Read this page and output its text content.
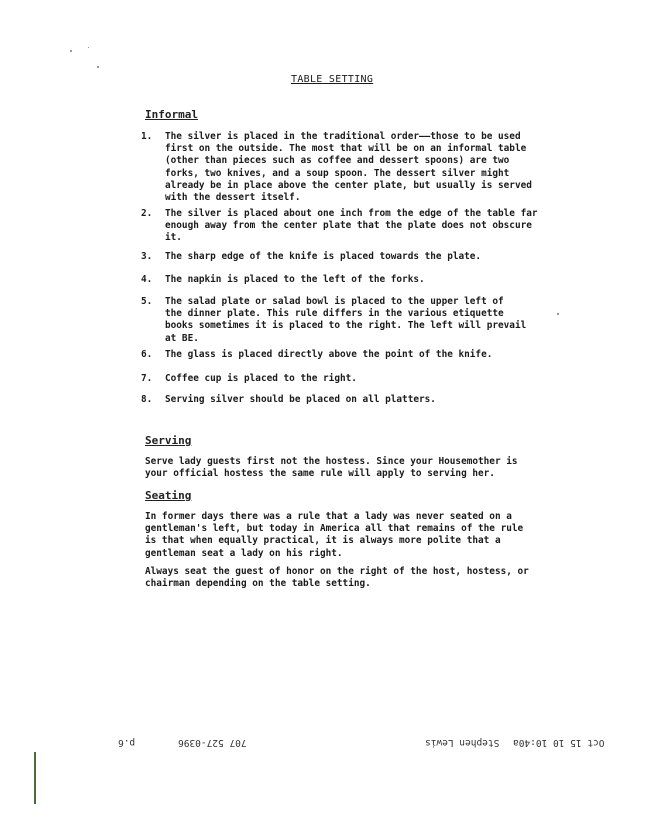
TABLE SETTING
Informal
1.	The silver is placed in the traditional order——those to be used
first on the outside. The most that will be on an informal table
(other than pieces such as coffee and dessert spoons) are two
forks, two knives, and a soup spoon. The dessert silver might
already be in place above the center plate, but usually is served
with the dessert itself.
2.	The silver is placed about one inch from the edge of the table far
enough away from the center plate that the plate does not obscure
it.
3.	The sharp edge of the knife is placed towards the plate.
4.	The napkin is placed to the left of the forks.
5.	The salad plate or salad bowl is placed to the upper left of
the dinner plate. This rule differs in the various etiquette
books sometimes it is placed to the right. The left will prevail
at BE.
6.	The glass is placed directly above the point of the knife.
7.	Coffee cup is placed to the right.
8.	Serving silver should be placed on all platters.
Serving
Serve lady guests first not the hostess. Since your Housemother is
your official hostess the same rule will apply to serving her.
Seating
In former days there was a rule that a lady was never seated on a
gentleman's left, but today in America all that remains of the rule
is that when equally practical, it is always more polite that a
gentleman seat a lady on his right.
Always seat the guest of honor on the right of the host, hostess, or
chairman depending on the table setting.
Oct 15 10 10:40a
Stephen Lewis
707 527-0396
p.6
